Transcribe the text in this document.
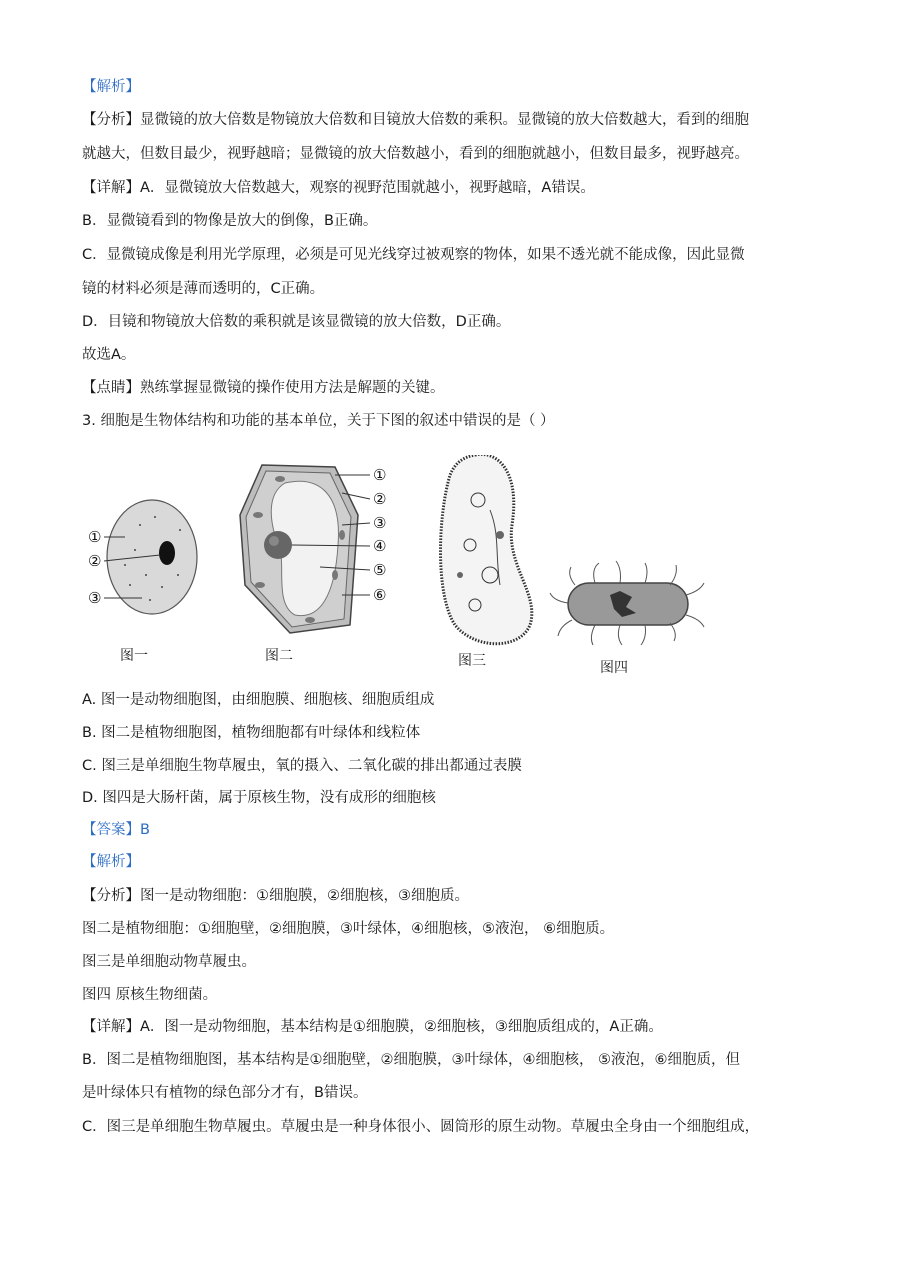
【解析】
【分析】显微镜的放大倍数是物镜放大倍数和目镜放大倍数的乘积。显微镜的放大倍数越大，看到的细胞
就越大，但数目最少，视野越暗；显微镜的放大倍数越小，看到的细胞就越小，但数目最多，视野越亮。
【详解】A．显微镜放大倍数越大，观察的视野范围就越小，视野越暗，A错误。
B．显微镜看到的物像是放大的倒像，B正确。
C．显微镜成像是利用光学原理，必须是可见光线穿过被观察的物体，如果不透光就不能成像，因此显微
镜的材料必须是薄而透明的，C正确。
D．目镜和物镜放大倍数的乘积就是该显微镜的放大倍数，D正确。
故选A。
【点睛】熟练掌握显微镜的操作使用方法是解题的关键。
3. 细胞是生物体结构和功能的基本单位，关于下图的叙述中错误的是（ ）
①
②
③
①
②
③
④
⑤
⑥
图一	图二	图三	图四
A. 图一是动物细胞图，由细胞膜、细胞核、细胞质组成
B. 图二是植物细胞图，植物细胞都有叶绿体和线粒体
C. 图三是单细胞生物草履虫，氧的摄入、二氧化碳的排出都通过表膜
D. 图四是大肠杆菌，属于原核生物，没有成形的细胞核
【答案】B
【解析】
【分析】图一是动物细胞：①细胞膜，②细胞核，③细胞质。
图二是植物细胞：①细胞壁，②细胞膜，③叶绿体，④细胞核，⑤液泡， ⑥细胞质。
图三是单细胞动物草履虫。
图四 原核生物细菌。
【详解】A．图一是动物细胞，基本结构是①细胞膜，②细胞核，③细胞质组成的，A正确。
B．图二是植物细胞图，基本结构是①细胞壁，②细胞膜，③叶绿体，④细胞核， ⑤液泡，⑥细胞质，但
是叶绿体只有植物的绿色部分才有，B错误。
C．图三是单细胞生物草履虫。草履虫是一种身体很小、圆筒形的原生动物。草履虫全身由一个细胞组成，
